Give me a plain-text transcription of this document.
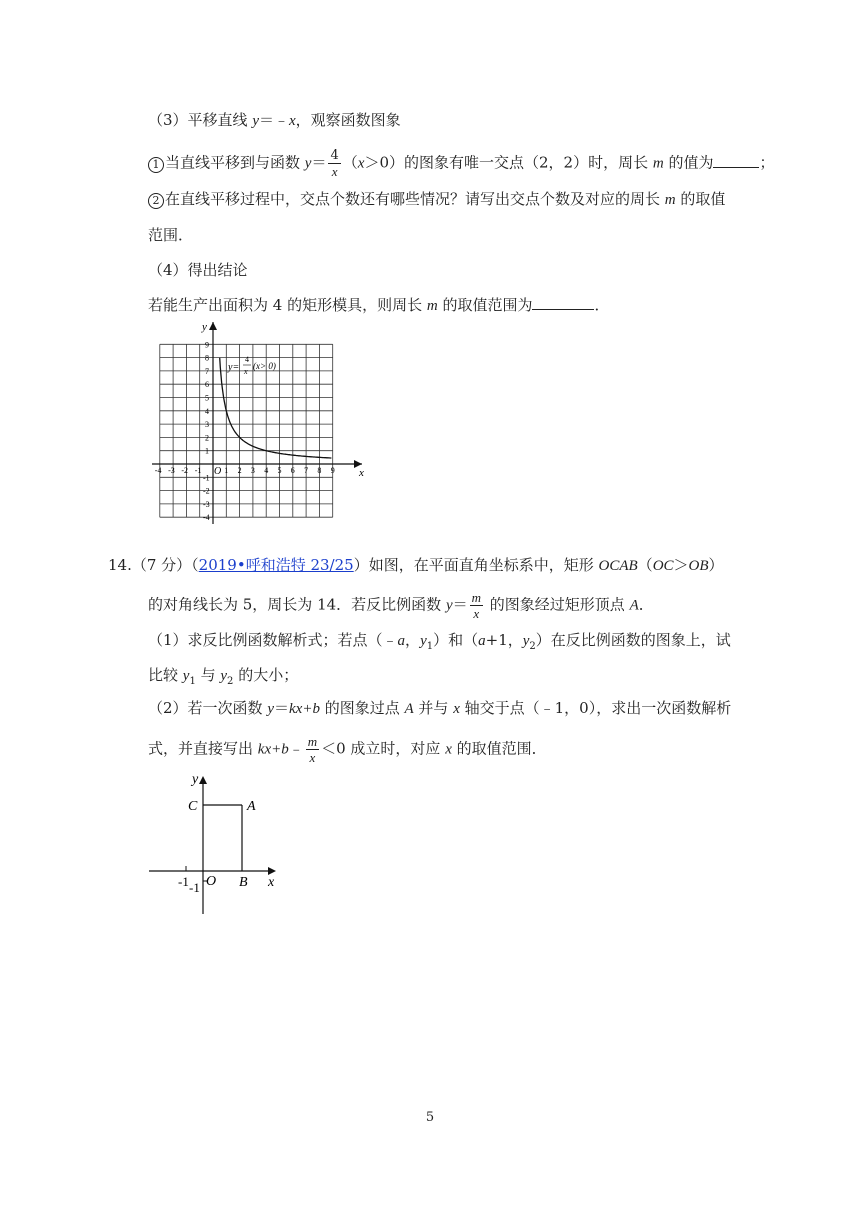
（3）平移直线 y＝﹣x，观察函数图象
1 当直线平移到与函数 $y= \frac{4}{x} (x>0)$的图象有唯一交点（2，2）时，周长 m 的值为	；
2 在直线平移过程中，交点个数还有哪些情况？请写出交点个数及对应的周长 m 的取值
范围．
（4）得出结论
若能生产出面积为 4 的矩形模具，则周长 m 的取值范围为	．
y
x
O
-4 -3 -2 -1	1 2 3 4 5 6 7 8 9
9
8
7
6
5
4
3
2
1
-1
-2
-3
-4
y=
4
x
(x> 0)
14.（7 分）（2019•呼和浩特 23/25）如图，在平面直角坐标系中，矩形 OCAB（OC＞OB）
的对角线长为 5，周长为 14．若反比例函数 $y= \frac{m}{x}$ 的图象经过矩形顶点 A．
（1）求反比例函数解析式；若点（﹣a，$y_1$）和（a+1，$y_2$）在反比例函数的图象上，试
比较 $y_1$ 与 $y_2$ 的大小；
（2）若一次函数 y＝kx+b 的图象过点 A 并与 x 轴交于点（﹣1，0），求出一次函数解析
式，并直接写出 kx+b﹣ $\frac{m}{x} <0$ 成立时，对应 x 的取值范围．
y
x
O
C	A
B
-1 -1
5
